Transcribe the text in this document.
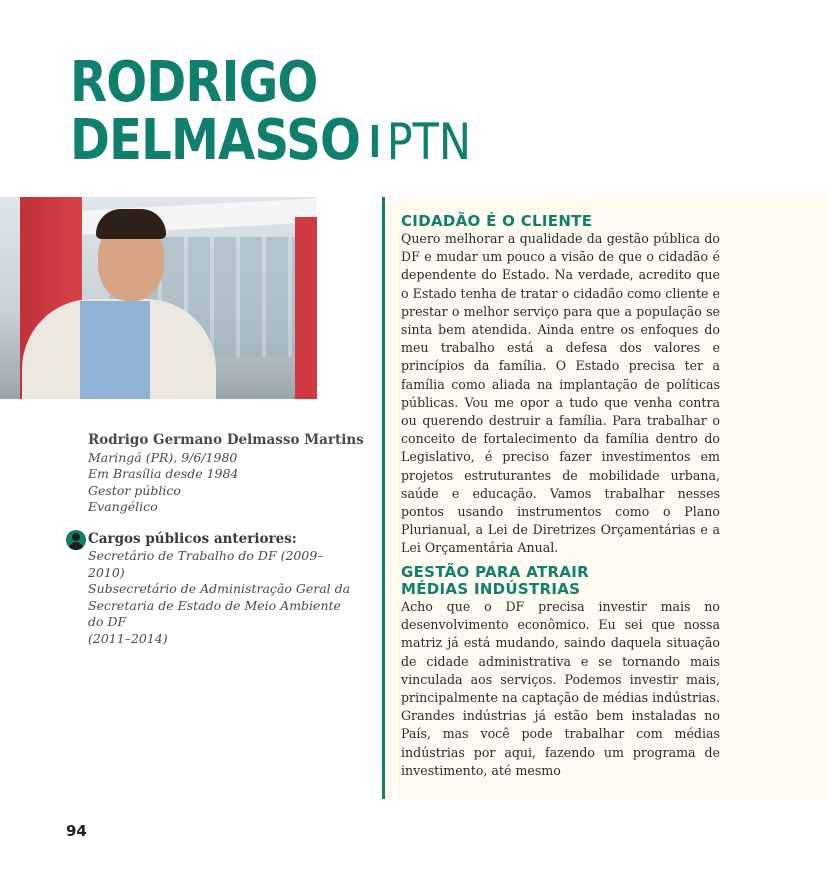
RODRIGO
DELMASSO PTN
Rodrigo Germano Delmasso Martins
Maringá (PR), 9/6/1980
Em Brasília desde 1984
Gestor público
Evangélico
Cargos públicos anteriores:
Secretário de Trabalho do DF (2009–2010)
Subsecretário de Administração Geral da
Secretaria de Estado de Meio Ambiente do DF
(2011–2014)
CIDADÃO É O CLIENTE
Quero melhorar a qualidade da gestão pública do DF e mudar um pouco a visão de que o cidadão é dependente do Estado. Na verdade, acredito que o Estado tenha de tratar o cidadão como cliente e prestar o melhor serviço para que a população se sinta bem atendida. Ainda entre os enfoques do meu trabalho está a defesa dos valores e princípios da família. O Estado precisa ter a família como aliada na implantação de políticas públicas. Vou me opor a tudo que venha contra ou querendo destruir a família. Para trabalhar o conceito de fortalecimento da família dentro do Legislativo, é preciso fazer investimentos em projetos estruturantes de mobilidade urbana, saúde e educação. Vamos trabalhar nesses pontos usando instrumentos como o Plano Plurianual, a Lei de Diretrizes Orçamentárias e a Lei Orçamentária Anual.
GESTÃO PARA ATRAIR
MÉDIAS INDÚSTRIAS
Acho que o DF precisa investir mais no desenvolvimento econômico. Eu sei que nossa matriz já está mudando, saindo daquela situação de cidade administrativa e se tornando mais vinculada aos serviços. Podemos investir mais, principalmente na captação de médias indústrias. Grandes indústrias já estão bem instaladas no País, mas você pode trabalhar com médias indústrias por aqui, fazendo um programa de investimento, até mesmo
94
